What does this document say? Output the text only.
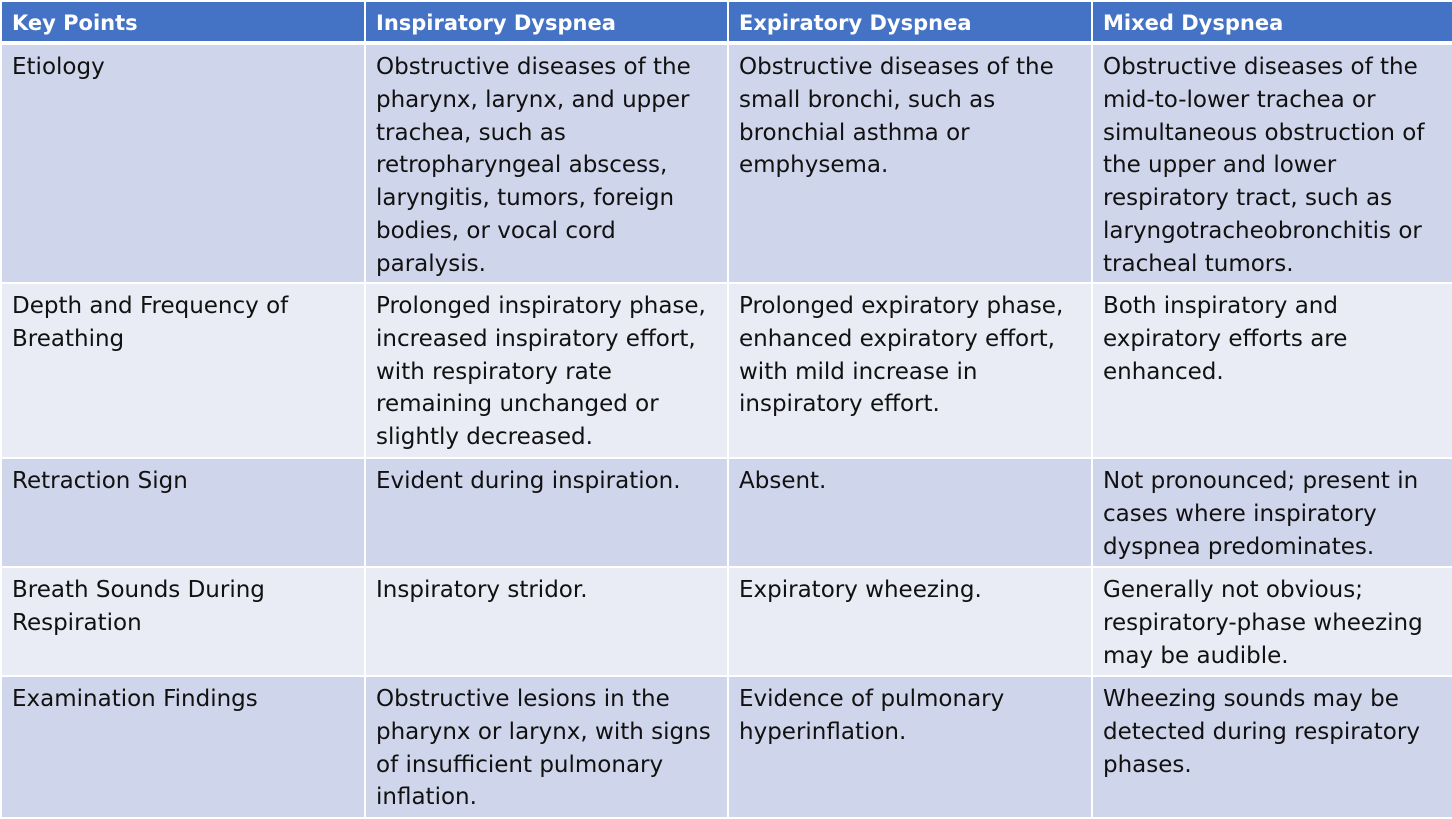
Key Points	Inspiratory Dyspnea	Expiratory Dyspnea	Mixed Dyspnea
Etiology	Obstructive diseases of the pharynx, larynx, and upper trachea, such as retropharyngeal abscess, laryngitis, tumors, foreign bodies, or vocal cord paralysis.	Obstructive diseases of the small bronchi, such as bronchial asthma or emphysema.	Obstructive diseases of the mid-to-lower trachea or simultaneous obstruction of the upper and lower respiratory tract, such as laryngotracheobronchitis or tracheal tumors.
Depth and Frequency of Breathing	Prolonged inspiratory phase, increased inspiratory effort, with respiratory rate remaining unchanged or slightly decreased.	Prolonged expiratory phase, enhanced expiratory effort, with mild increase in inspiratory effort.	Both inspiratory and expiratory efforts are enhanced.
Retraction Sign	Evident during inspiration.	Absent.	Not pronounced; present in cases where inspiratory dyspnea predominates.
Breath Sounds During Respiration	Inspiratory stridor.	Expiratory wheezing.	Generally not obvious; respiratory-phase wheezing may be audible.
Examination Findings	Obstructive lesions in the pharynx or larynx, with signs of insufficient pulmonary inflation.	Evidence of pulmonary hyperinflation.	Wheezing sounds may be detected during respiratory phases.
